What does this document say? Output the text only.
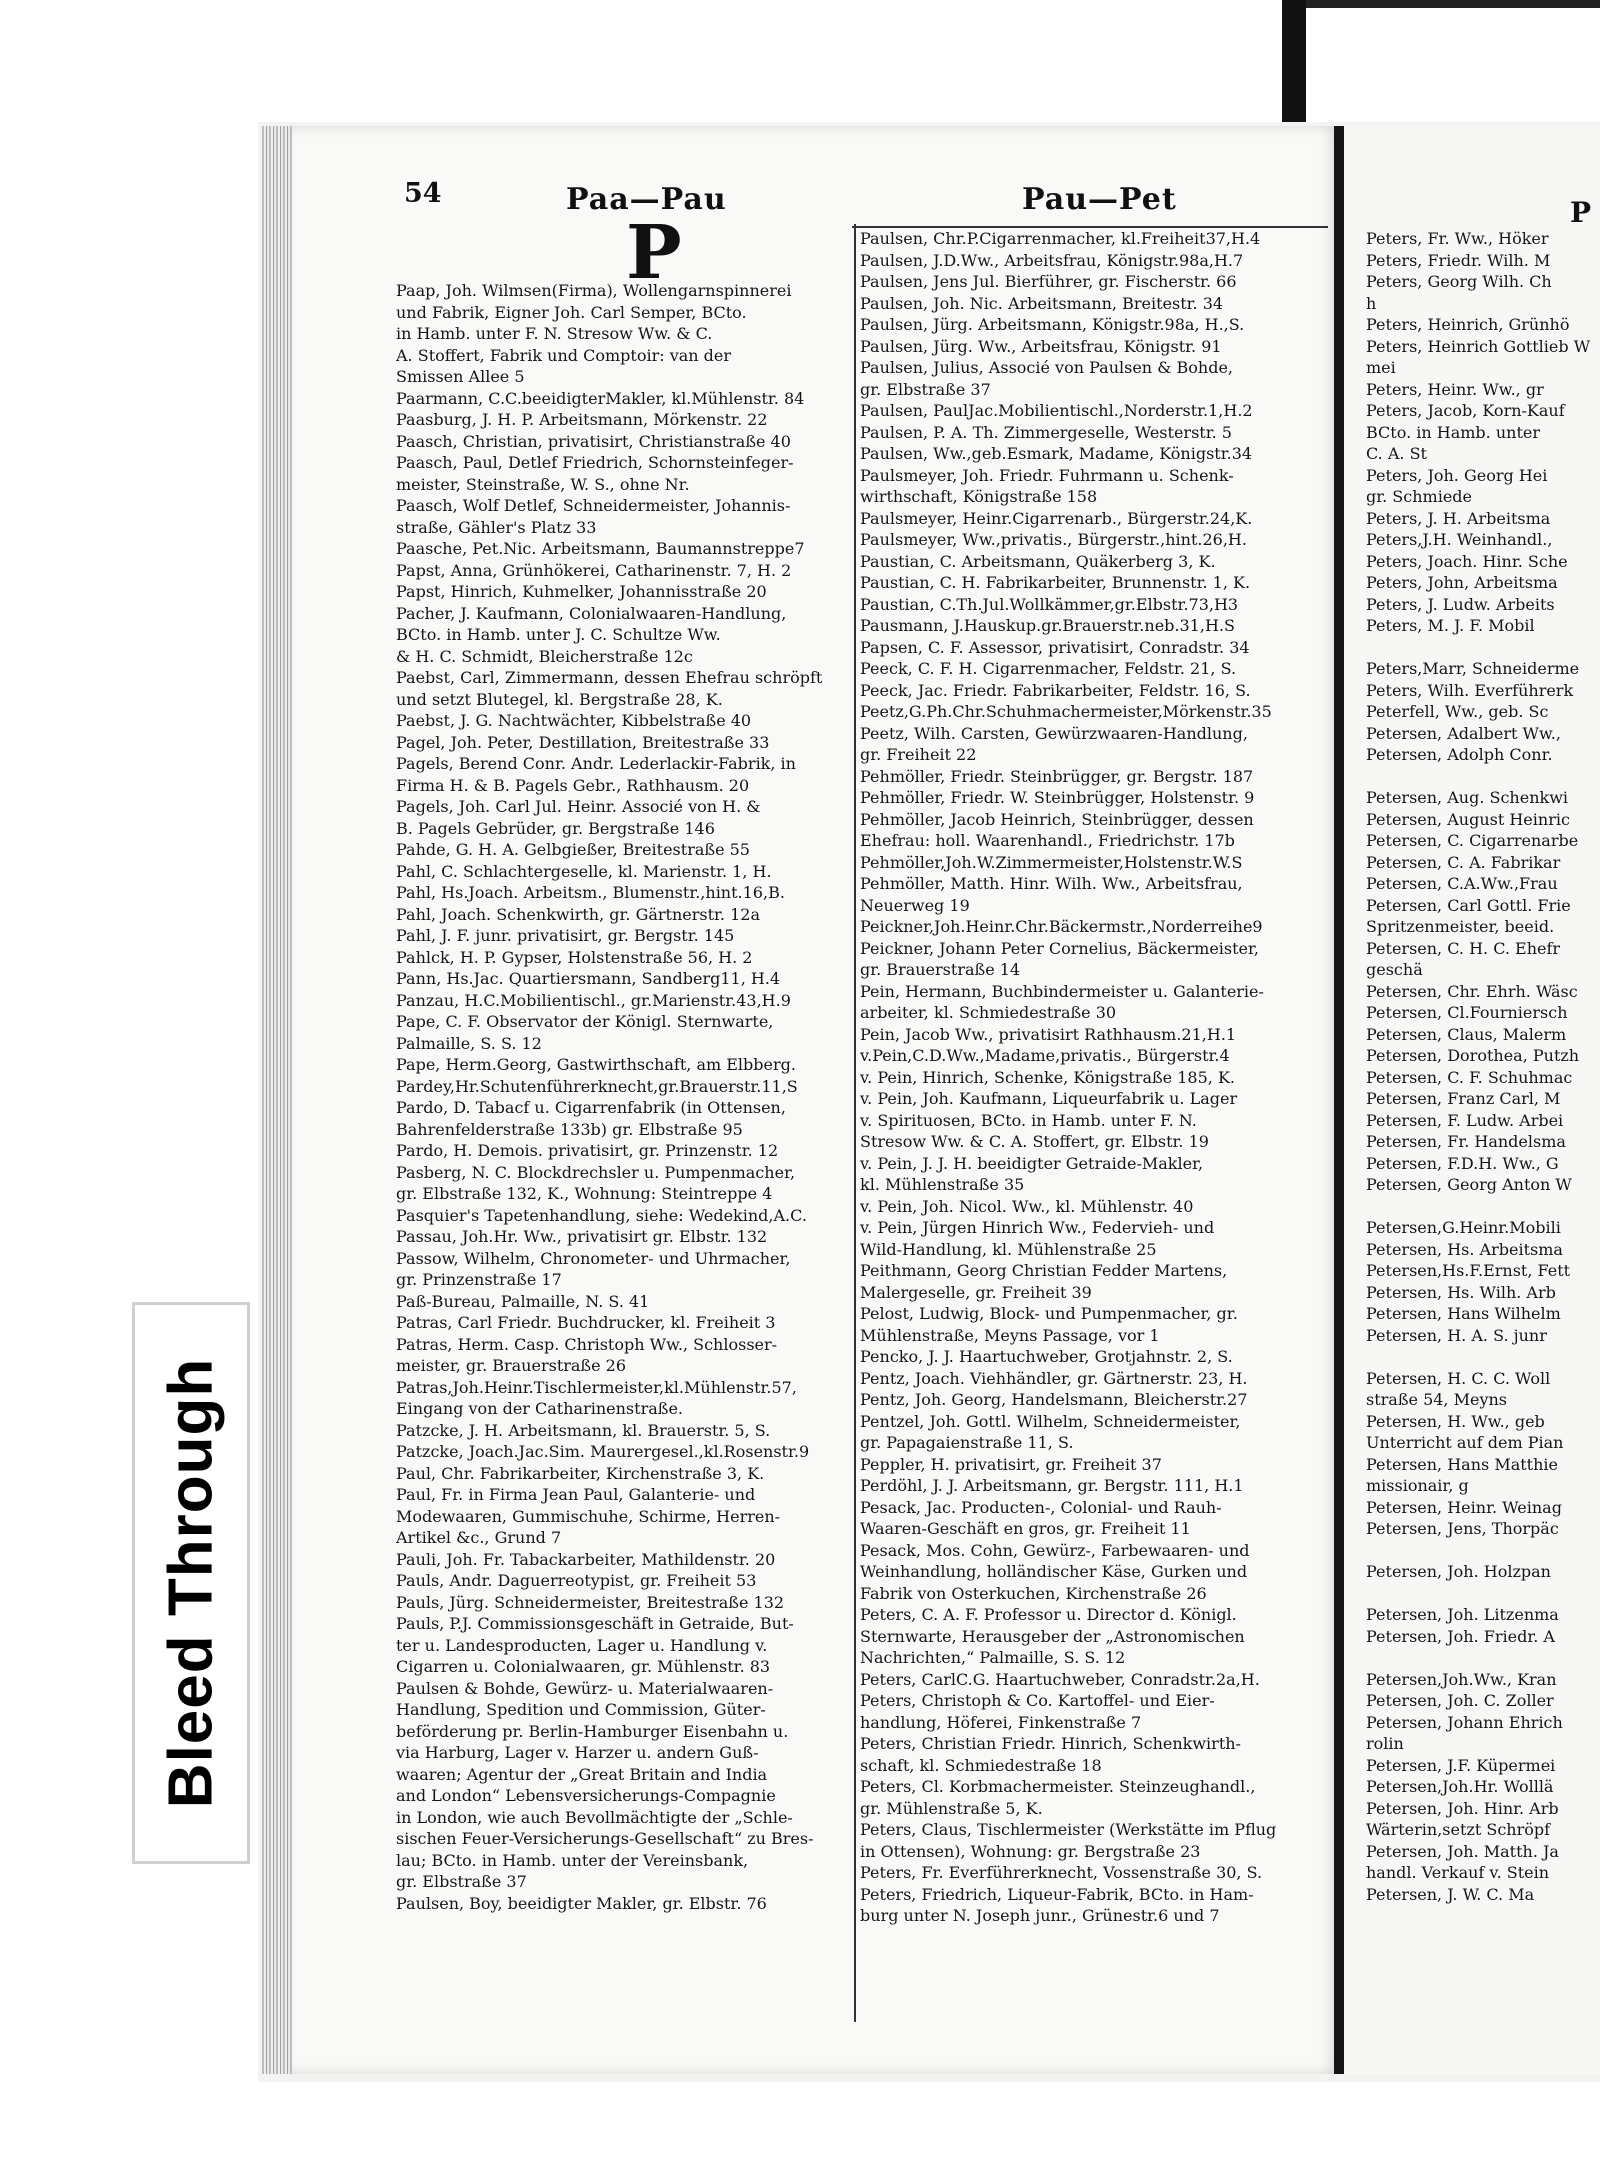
54	Paa—Pau	Pau—Pet	P
P
Paap, Joh. Wilmsen(Firma), Wollengarnspinnerei
und Fabrik, Eigner Joh. Carl Semper, BCto.
in Hamb. unter F. N. Stresow Ww. & C.
A. Stoffert, Fabrik und Comptoir: van der
Smissen Allee 5
Paarmann, C.C.beeidigterMakler, kl.Mühlenstr. 84
Paasburg, J. H. P. Arbeitsmann, Mörkenstr. 22
Paasch, Christian, privatisirt, Christianstraße 40
Paasch, Paul, Detlef Friedrich, Schornsteinfeger-
meister, Steinstraße, W. S., ohne Nr.
Paasch, Wolf Detlef, Schneidermeister, Johannis-
straße, Gähler's Platz 33
Paasche, Pet.Nic. Arbeitsmann, Baumannstreppe7
Papst, Anna, Grünhökerei, Catharinenstr. 7, H. 2
Papst, Hinrich, Kuhmelker, Johannisstraße 20
Pacher, J. Kaufmann, Colonialwaaren-Handlung,
BCto. in Hamb. unter J. C. Schultze Ww.
& H. C. Schmidt, Bleicherstraße 12c
Paebst, Carl, Zimmermann, dessen Ehefrau schröpft
und setzt Blutegel, kl. Bergstraße 28, K.
Paebst, J. G. Nachtwächter, Kibbelstraße 40
Pagel, Joh. Peter, Destillation, Breitestraße 33
Pagels, Berend Conr. Andr. Lederlackir-Fabrik, in
Firma H. & B. Pagels Gebr., Rathhausm. 20
Pagels, Joh. Carl Jul. Heinr. Associé von H. &
B. Pagels Gebrüder, gr. Bergstraße 146
Pahde, G. H. A. Gelbgießer, Breitestraße 55
Pahl, C. Schlachtergeselle, kl. Marienstr. 1, H.
Pahl, Hs.Joach. Arbeitsm., Blumenstr.,hint.16,B.
Pahl, Joach. Schenkwirth, gr. Gärtnerstr. 12a
Pahl, J. F. junr. privatisirt, gr. Bergstr. 145
Pahlck, H. P. Gypser, Holstenstraße 56, H. 2
Pann, Hs.Jac. Quartiersmann, Sandberg11, H.4
Panzau, H.C.Mobilientischl., gr.Marienstr.43,H.9
Pape, C. F. Observator der Königl. Sternwarte,
Palmaille, S. S. 12
Pape, Herm.Georg, Gastwirthschaft, am Elbberg.
Pardey,Hr.Schutenführerknecht,gr.Brauerstr.11,S
Pardo, D. Tabacf u. Cigarrenfabrik (in Ottensen,
Bahrenfelderstraße 133b) gr. Elbstraße 95
Pardo, H. Demois. privatisirt, gr. Prinzenstr. 12
Pasberg, N. C. Blockdrechsler u. Pumpenmacher,
gr. Elbstraße 132, K., Wohnung: Steintreppe 4
Pasquier's Tapetenhandlung, siehe: Wedekind,A.C.
Passau, Joh.Hr. Ww., privatisirt gr. Elbstr. 132
Passow, Wilhelm, Chronometer- und Uhrmacher,
gr. Prinzenstraße 17
Paß-Bureau, Palmaille, N. S. 41
Patras, Carl Friedr. Buchdrucker, kl. Freiheit 3
Patras, Herm. Casp. Christoph Ww., Schlosser-
meister, gr. Brauerstraße 26
Patras,Joh.Heinr.Tischlermeister,kl.Mühlenstr.57,
Eingang von der Catharinenstraße.
Patzcke, J. H. Arbeitsmann, kl. Brauerstr. 5, S.
Patzcke, Joach.Jac.Sim. Maurergesel.,kl.Rosenstr.9
Paul, Chr. Fabrikarbeiter, Kirchenstraße 3, K.
Paul, Fr. in Firma Jean Paul, Galanterie- und
Modewaaren, Gummischuhe, Schirme, Herren-
Artikel &c., Grund 7
Pauli, Joh. Fr. Tabackarbeiter, Mathildenstr. 20
Pauls, Andr. Daguerreotypist, gr. Freiheit 53
Pauls, Jürg. Schneidermeister, Breitestraße 132
Pauls, P.J. Commissionsgeschäft in Getraide, But-
ter u. Landesproducten, Lager u. Handlung v.
Cigarren u. Colonialwaaren, gr. Mühlenstr. 83
Paulsen & Bohde, Gewürz- u. Materialwaaren-
Handlung, Spedition und Commission, Güter-
beförderung pr. Berlin-Hamburger Eisenbahn u.
via Harburg, Lager v. Harzer u. andern Guß-
waaren; Agentur der „Great Britain and India
and London“ Lebensversicherungs-Compagnie
in London, wie auch Bevollmächtigte der „Schle-
sischen Feuer-Versicherungs-Gesellschaft“ zu Bres-
lau; BCto. in Hamb. unter der Vereinsbank,
gr. Elbstraße 37
Paulsen, Boy, beeidigter Makler, gr. Elbstr. 76
Paulsen, Chr.P.Cigarrenmacher, kl.Freiheit37,H.4
Paulsen, J.D.Ww., Arbeitsfrau, Königstr.98a,H.7
Paulsen, Jens Jul. Bierführer, gr. Fischerstr. 66
Paulsen, Joh. Nic. Arbeitsmann, Breitestr. 34
Paulsen, Jürg. Arbeitsmann, Königstr.98a, H.,S.
Paulsen, Jürg. Ww., Arbeitsfrau, Königstr. 91
Paulsen, Julius, Associé von Paulsen & Bohde,
gr. Elbstraße 37
Paulsen, PaulJac.Mobilientischl.,Norderstr.1,H.2
Paulsen, P. A. Th. Zimmergeselle, Westerstr. 5
Paulsen, Ww.,geb.Esmark, Madame, Königstr.34
Paulsmeyer, Joh. Friedr. Fuhrmann u. Schenk-
wirthschaft, Königstraße 158
Paulsmeyer, Heinr.Cigarrenarb., Bürgerstr.24,K.
Paulsmeyer, Ww.,privatis., Bürgerstr.,hint.26,H.
Paustian, C. Arbeitsmann, Quäkerberg 3, K.
Paustian, C. H. Fabrikarbeiter, Brunnenstr. 1, K.
Paustian, C.Th.Jul.Wollkämmer,gr.Elbstr.73,H3
Pausmann, J.Hauskup.gr.Brauerstr.neb.31,H.S
Papsen, C. F. Assessor, privatisirt, Conradstr. 34
Peeck, C. F. H. Cigarrenmacher, Feldstr. 21, S.
Peeck, Jac. Friedr. Fabrikarbeiter, Feldstr. 16, S.
Peetz,G.Ph.Chr.Schuhmachermeister,Mörkenstr.35
Peetz, Wilh. Carsten, Gewürzwaaren-Handlung,
gr. Freiheit 22
Pehmöller, Friedr. Steinbrügger, gr. Bergstr. 187
Pehmöller, Friedr. W. Steinbrügger, Holstenstr. 9
Pehmöller, Jacob Heinrich, Steinbrügger, dessen
Ehefrau: holl. Waarenhandl., Friedrichstr. 17b
Pehmöller,Joh.W.Zimmermeister,Holstenstr.W.S
Pehmöller, Matth. Hinr. Wilh. Ww., Arbeitsfrau,
Neuerweg 19
Peickner,Joh.Heinr.Chr.Bäckermstr.,Norderreihe9
Peickner, Johann Peter Cornelius, Bäckermeister,
gr. Brauerstraße 14
Pein, Hermann, Buchbindermeister u. Galanterie-
arbeiter, kl. Schmiedestraße 30
Pein, Jacob Ww., privatisirt Rathhausm.21,H.1
v.Pein,C.D.Ww.,Madame,privatis., Bürgerstr.4
v. Pein, Hinrich, Schenke, Königstraße 185, K.
v. Pein, Joh. Kaufmann, Liqueurfabrik u. Lager
v. Spirituosen, BCto. in Hamb. unter F. N.
Stresow Ww. & C. A. Stoffert, gr. Elbstr. 19
v. Pein, J. J. H. beeidigter Getraide-Makler,
kl. Mühlenstraße 35
v. Pein, Joh. Nicol. Ww., kl. Mühlenstr. 40
v. Pein, Jürgen Hinrich Ww., Federvieh- und
Wild-Handlung, kl. Mühlenstraße 25
Peithmann, Georg Christian Fedder Martens,
Malergeselle, gr. Freiheit 39
Pelost, Ludwig, Block- und Pumpenmacher, gr.
Mühlenstraße, Meyns Passage, vor 1
Pencko, J. J. Haartuchweber, Grotjahnstr. 2, S.
Pentz, Joach. Viehhändler, gr. Gärtnerstr. 23, H.
Pentz, Joh. Georg, Handelsmann, Bleicherstr.27
Pentzel, Joh. Gottl. Wilhelm, Schneidermeister,
gr. Papagaienstraße 11, S.
Peppler, H. privatisirt, gr. Freiheit 37
Perdöhl, J. J. Arbeitsmann, gr. Bergstr. 111, H.1
Pesack, Jac. Producten-, Colonial- und Rauh-
Waaren-Geschäft en gros, gr. Freiheit 11
Pesack, Mos. Cohn, Gewürz-, Farbewaaren- und
Weinhandlung, holländischer Käse, Gurken und
Fabrik von Osterkuchen, Kirchenstraße 26
Peters, C. A. F. Professor u. Director d. Königl.
Sternwarte, Herausgeber der „Astronomischen
Nachrichten,“ Palmaille, S. S. 12
Peters, CarlC.G. Haartuchweber, Conradstr.2a,H.
Peters, Christoph & Co. Kartoffel- und Eier-
handlung, Höferei, Finkenstraße 7
Peters, Christian Friedr. Hinrich, Schenkwirth-
schaft, kl. Schmiedestraße 18
Peters, Cl. Korbmachermeister. Steinzeughandl.,
gr. Mühlenstraße 5, K.
Peters, Claus, Tischlermeister (Werkstätte im Pflug
in Ottensen), Wohnung: gr. Bergstraße 23
Peters, Fr. Everführerknecht, Vossenstraße 30, S.
Peters, Friedrich, Liqueur-Fabrik, BCto. in Ham-
burg unter N. Joseph junr., Grünestr.6 und 7
Peters, Fr. Ww., Höker
Peters, Friedr. Wilh. M
Peters, Georg Wilh. Ch
h
Peters, Heinrich, Grünhö
Peters, Heinrich Gottlieb W
mei
Peters, Heinr. Ww., gr
Peters, Jacob, Korn-Kauf
BCto. in Hamb. unter
C. A. St
Peters, Joh. Georg Hei
gr. Schmiede
Peters, J. H. Arbeitsma
Peters,J.H. Weinhandl.,
Peters, Joach. Hinr. Sche
Peters, John, Arbeitsma
Peters, J. Ludw. Arbeits
Peters, M. J. F. Mobil

Peters,Marr, Schneiderme
Peters, Wilh. Everführerk
Peterfell, Ww., geb. Sc
Petersen, Adalbert Ww.,
Petersen, Adolph Conr.

Petersen, Aug. Schenkwi
Petersen, August Heinric
Petersen, C. Cigarrenarbe
Petersen, C. A. Fabrikar
Petersen, C.A.Ww.,Frau
Petersen, Carl Gottl. Frie
Spritzenmeister, beeid.
Petersen, C. H. C. Ehefr
geschä
Petersen, Chr. Ehrh. Wäsc
Petersen, Cl.Fourniersch
Petersen, Claus, Malerm
Petersen, Dorothea, Putzh
Petersen, C. F. Schuhmac
Petersen, Franz Carl, M
Petersen, F. Ludw. Arbei
Petersen, Fr. Handelsma
Petersen, F.D.H. Ww., G
Petersen, Georg Anton W

Petersen,G.Heinr.Mobili
Petersen, Hs. Arbeitsma
Petersen,Hs.F.Ernst, Fett
Petersen, Hs. Wilh. Arb
Petersen, Hans Wilhelm
Petersen, H. A. S. junr

Petersen, H. C. C. Woll
straße 54, Meyns
Petersen, H. Ww., geb
Unterricht auf dem Pian
Petersen, Hans Matthie
missionair, g
Petersen, Heinr. Weinag
Petersen, Jens, Thorpäc

Petersen, Joh. Holzpan

Petersen, Joh. Litzenma
Petersen, Joh. Friedr. A

Petersen,Joh.Ww., Kran
Petersen, Joh. C. Zoller
Petersen, Johann Ehrich
rolin
Petersen, J.F. Küpermei
Petersen,Joh.Hr. Wolllä
Petersen, Joh. Hinr. Arb
Wärterin,setzt Schröpf
Petersen, Joh. Matth. Ja
handl. Verkauf v. Stein
Petersen, J. W. C. Ma
Bleed Through
